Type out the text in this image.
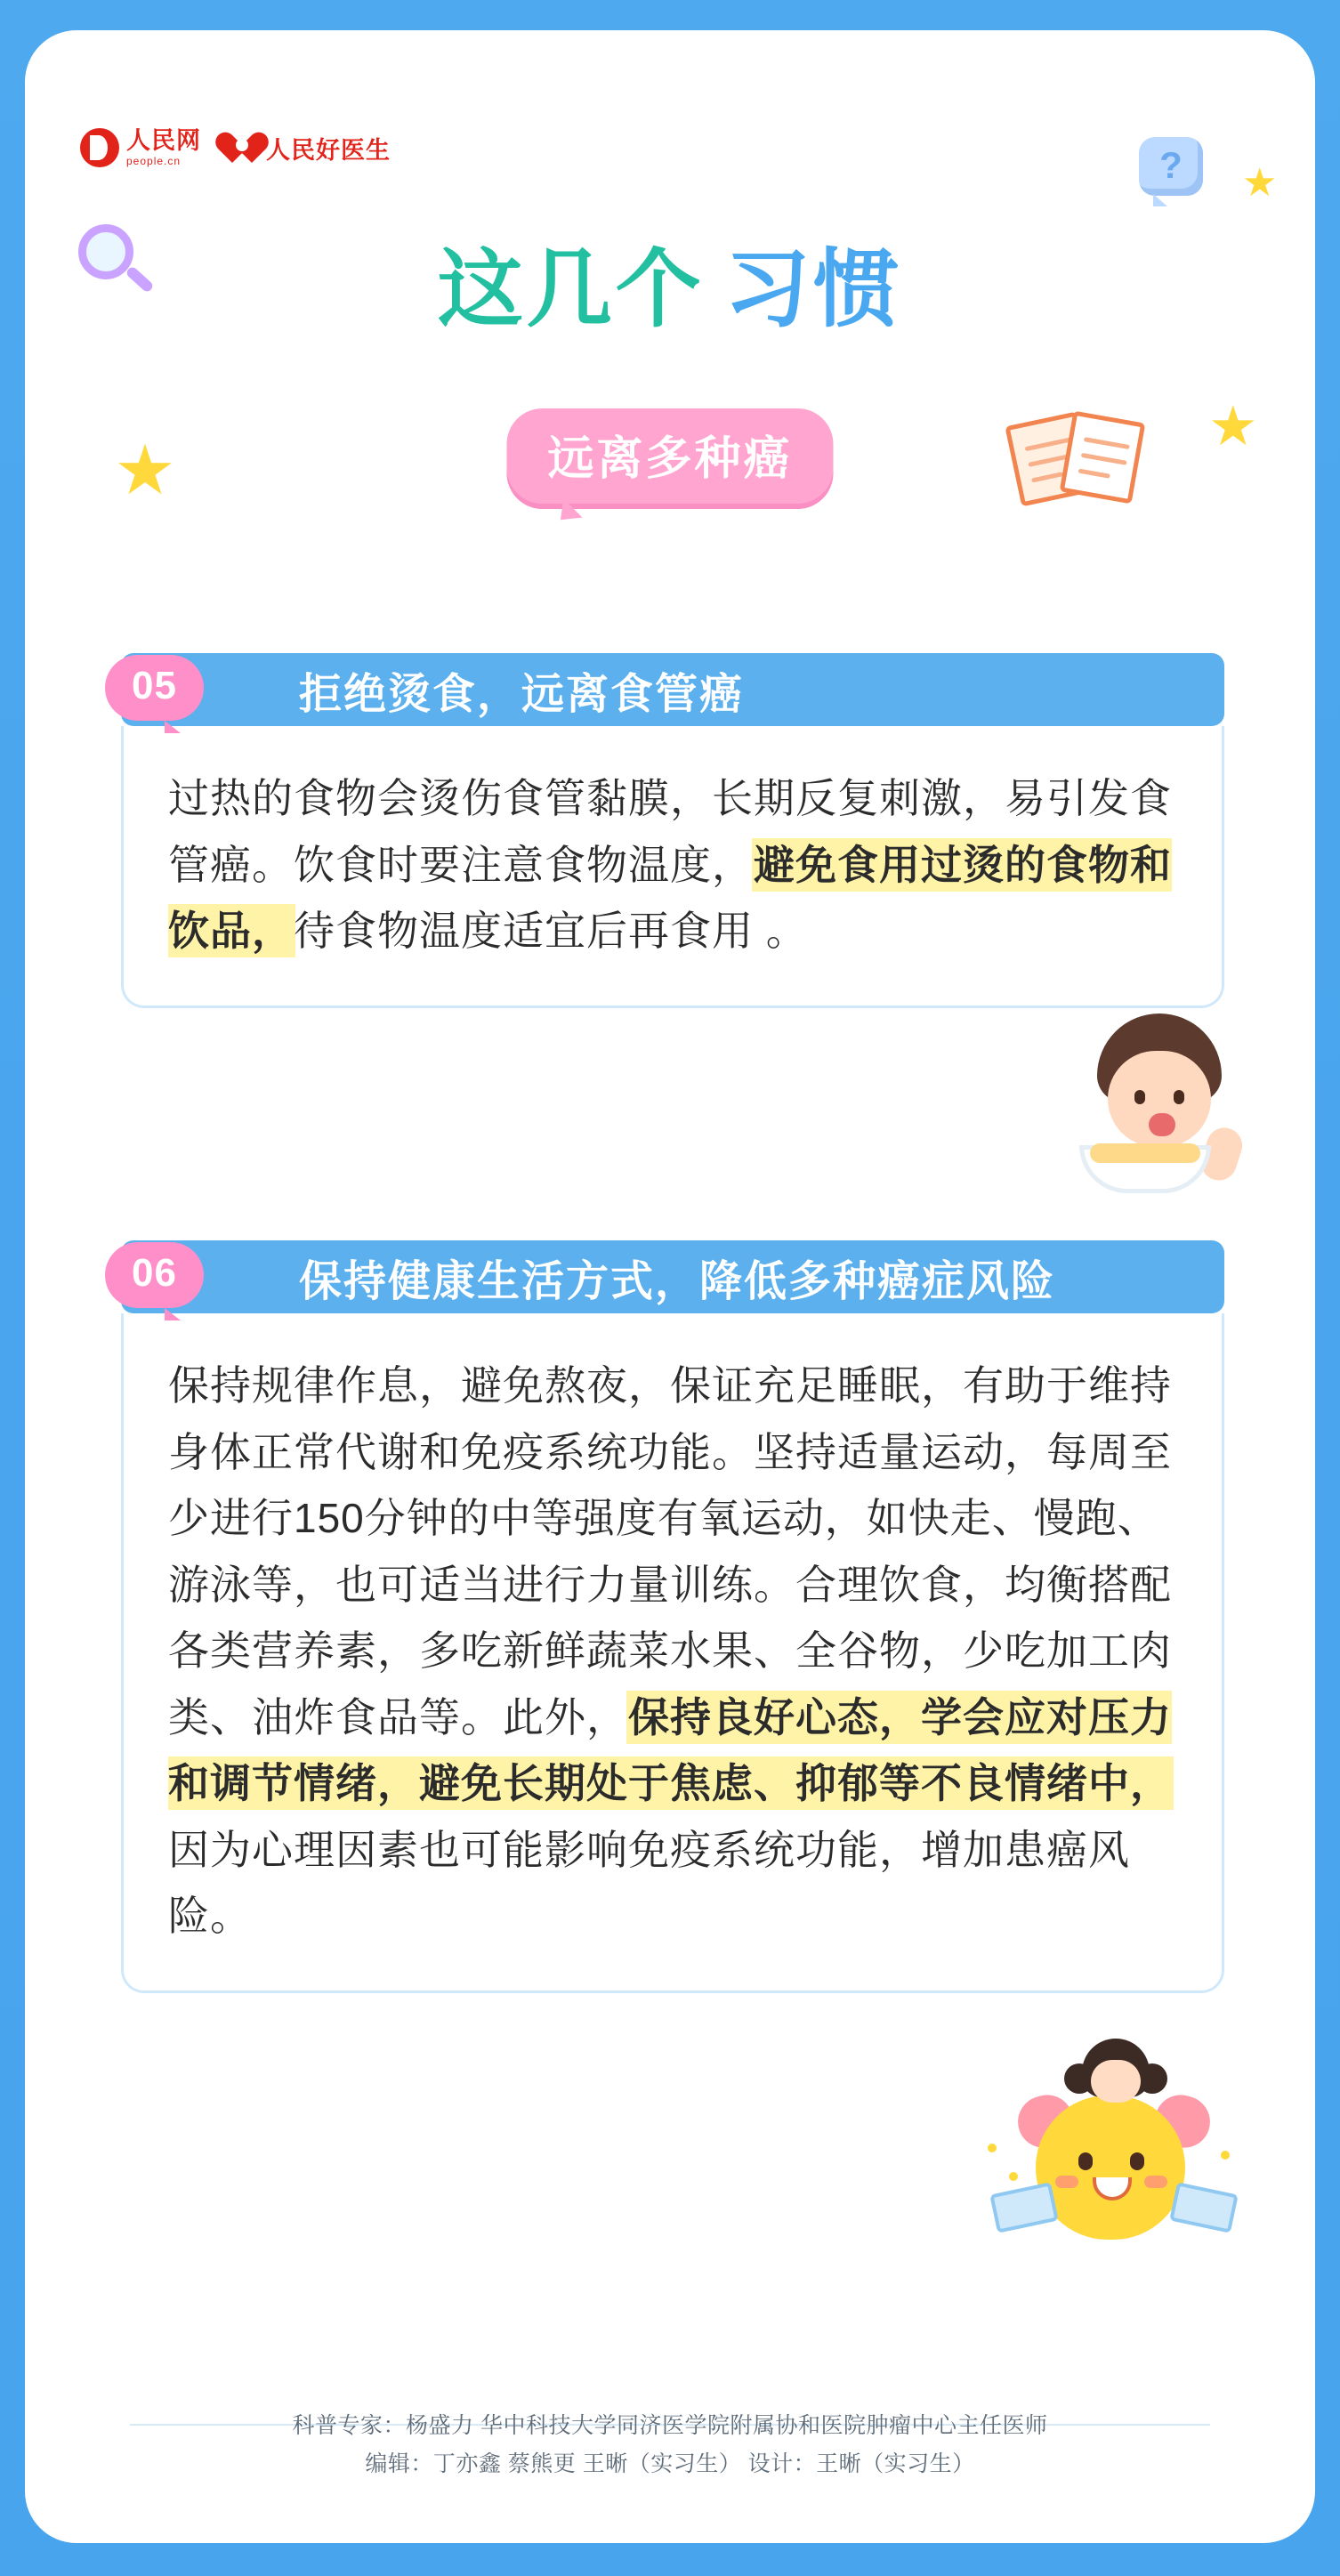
人民网
people.cn	人民好医生	?
★
★
★
这几个 习惯
远离多种癌
05	拒绝烫食，远离食管癌

过热的食物会烫伤食管黏膜，长期反复刺激，易引发食管癌。饮食时要注意食物温度，避免食用过烫的食物和饮品，待食物温度适宜后再食用 。

06	保持健康生活方式，降低多种癌症风险

保持规律作息，避免熬夜，保证充足睡眠，有助于维持身体正常代谢和免疫系统功能。坚持适量运动，每周至少进行150分钟的中等强度有氧运动，如快走、慢跑、游泳等，也可适当进行力量训练。合理饮食，均衡搭配各类营养素，多吃新鲜蔬菜水果、全谷物，少吃加工肉类、油炸食品等。此外，保持良好心态，学会应对压力和调节情绪，避免长期处于焦虑、抑郁等不良情绪中，因为心理因素也可能影响免疫系统功能，增加患癌风险。

科普专家：杨盛力 华中科技大学同济医学院附属协和医院肿瘤中心主任医师
编辑：丁亦鑫 蔡熊更 王晰（实习生） 设计：王晰（实习生）
